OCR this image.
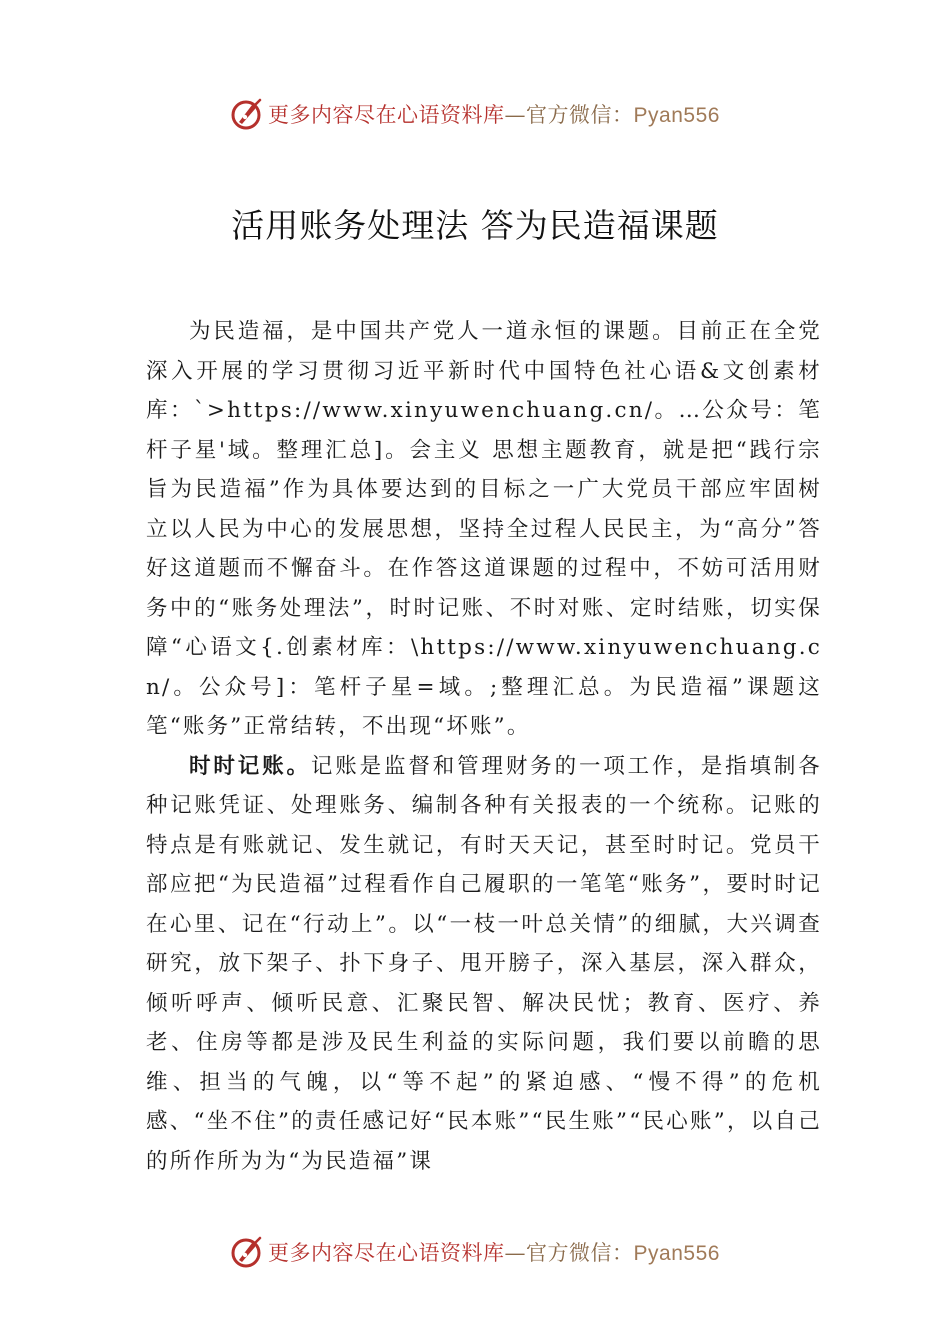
更多内容尽在心语资料库—官方微信：Pyan556
活用账务处理法 答为民造福课题

为民造福，是中国共产党人一道永恒的课题。目前正在全党深入开展的学习贯彻习近平新时代中国特色社心语&文创素材库：`>https://www.xinyuwenchuang.cn/。…公众号：笔杆子星'域。整理汇总]。会主义 思想主题教育，就是把“践行宗旨为民造福”作为具体要达到的目标之一广大党员干部应牢固树立以人民为中心的发展思想，坚持全过程人民民主，为“高分”答好这道题而不懈奋斗。在作答这道课题的过程中，不妨可活用财务中的“账务处理法”，时时记账、不时对账、定时结账，切实保障“心语文{.创素材库：\https://www.xinyuwenchuang.cn/。公众号]：笔杆子星=域。;整理汇总。为民造福”课题这笔“账务”正常结转，不出现“坏账”。

时时记账。记账是监督和管理财务的一项工作，是指填制各种记账凭证、处理账务、编制各种有关报表的一个统称。记账的特点是有账就记、发生就记，有时天天记，甚至时时记。党员干部应把“为民造福”过程看作自己履职的一笔笔“账务”，要时时记在心里、记在“行动上”。以“一枝一叶总关情”的细腻，大兴调查研究，放下架子、扑下身子、甩开膀子，深入基层，深入群众，倾听呼声、倾听民意、汇聚民智、解决民忧；教育、医疗、养老、住房等都是涉及民生利益的实际问题，我们要以前瞻的思维、担当的气魄，以“等不起”的紧迫感、“慢不得”的危机感、“坐不住”的责任感记好“民本账”“民生账”“民心账”，以自己的所作所为为“为民造福”课

更多内容尽在心语资料库—官方微信：Pyan556
